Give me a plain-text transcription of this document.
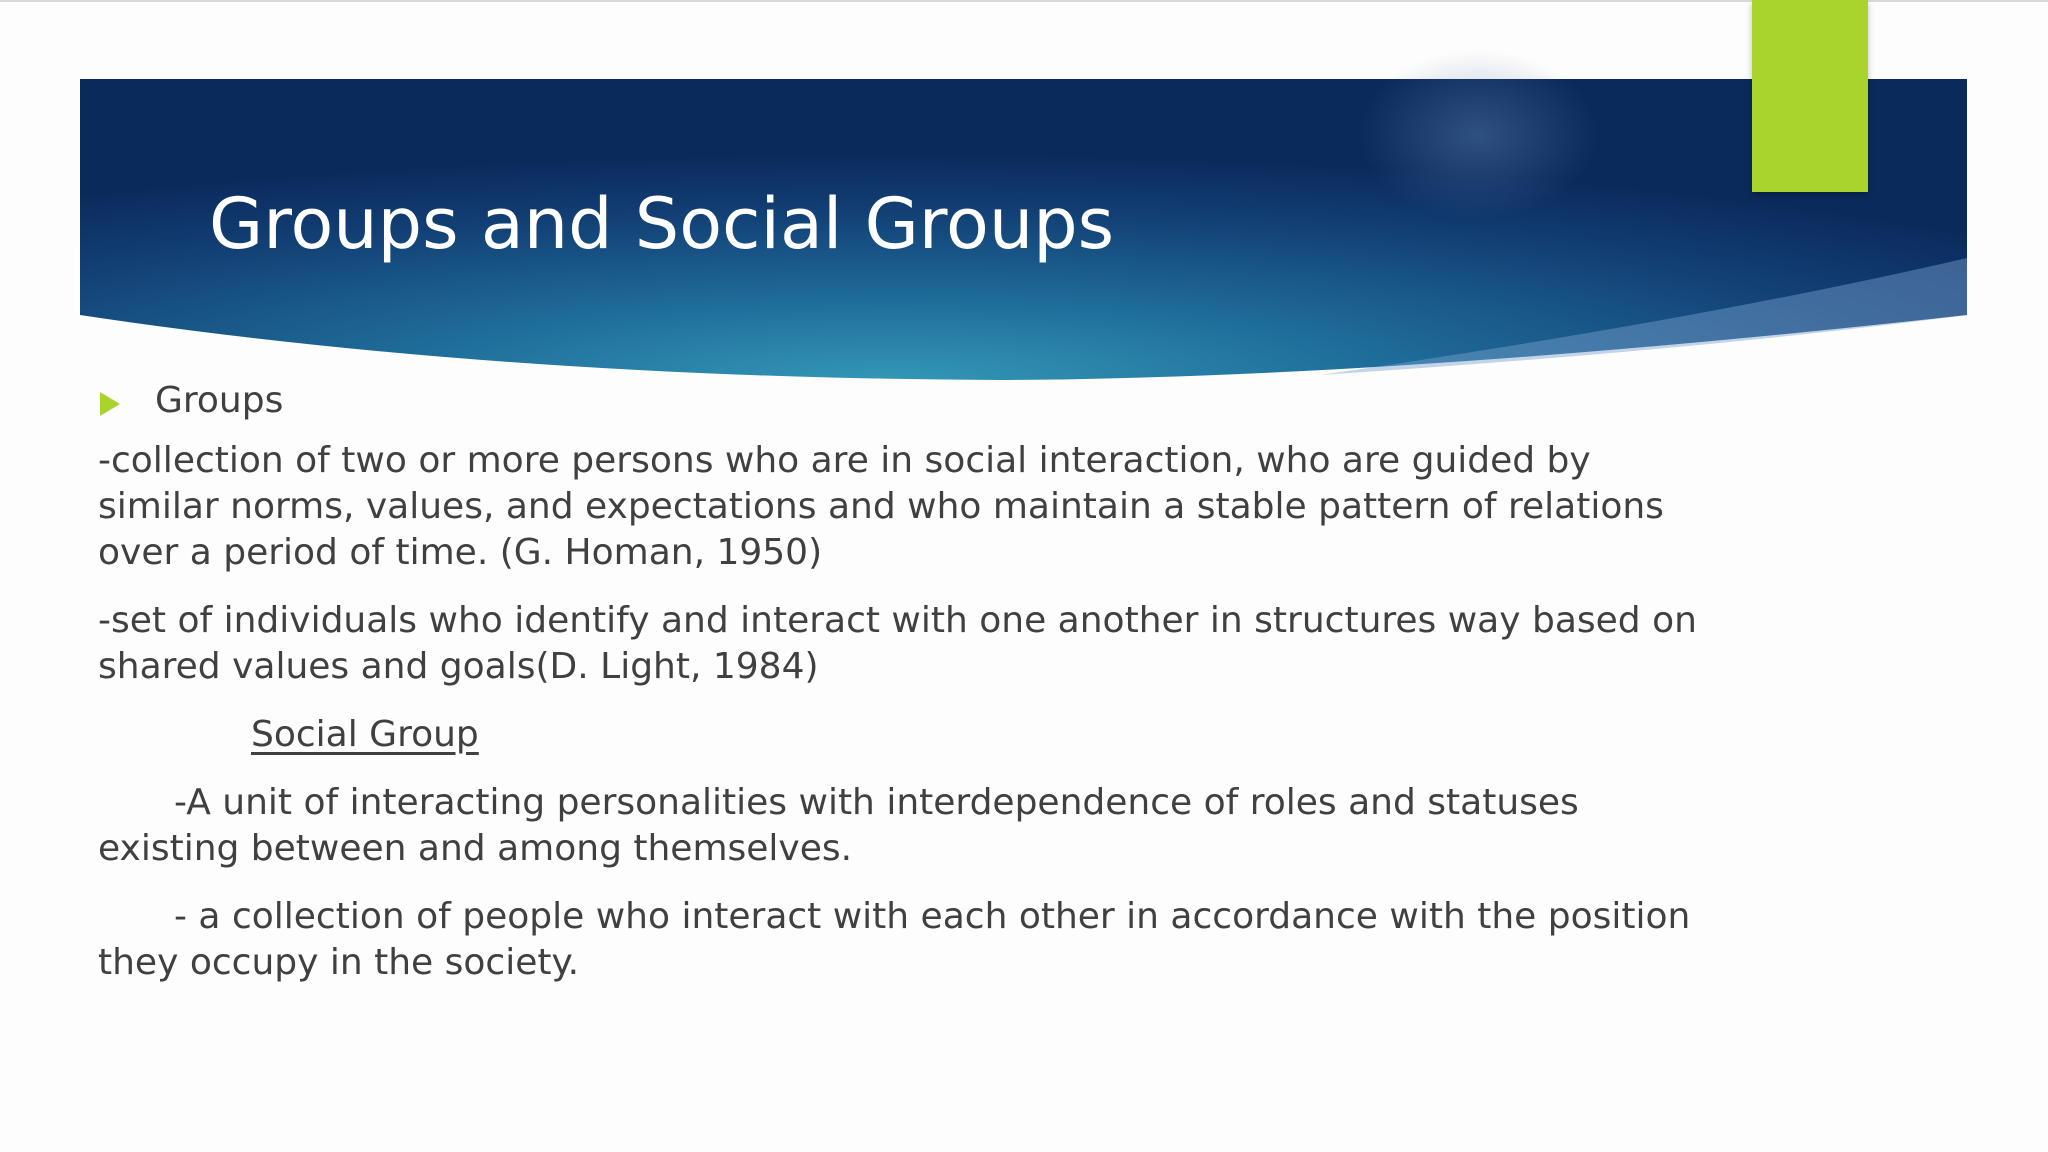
Groups and Social Groups
Groups

-collection of two or more persons who are in social interaction, who are guided by similar norms, values, and expectations and who maintain a stable pattern of relations over a period of time. (G. Homan, 1950)

-set of individuals who identify and interact with one another in structures way based on shared values and goals(D. Light, 1984)

Social Group

-A unit of interacting personalities with interdependence of roles and statuses existing between and among themselves.

- a collection of people who interact with each other in accordance with the position they occupy in the society.
